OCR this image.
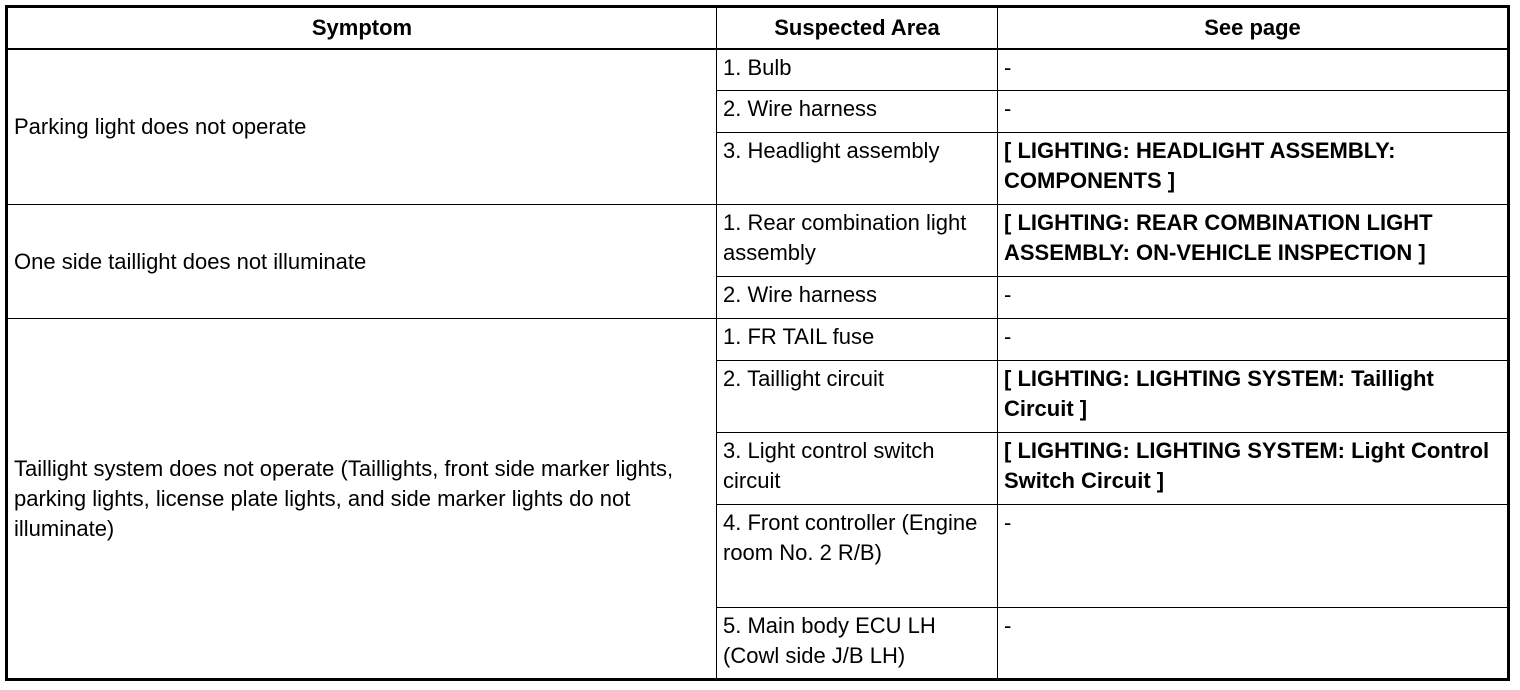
Symptom	Suspected Area	See page
Parking light does not operate	1. Bulb	-
	2. Wire harness	-
	3. Headlight assembly	[ LIGHTING: HEADLIGHT ASSEMBLY: COMPONENTS ]
One side taillight does not illuminate	1. Rear combination light assembly	[ LIGHTING: REAR COMBINATION LIGHT ASSEMBLY: ON-VEHICLE INSPECTION ]
	2. Wire harness	-
Taillight system does not operate (Taillights, front side marker lights, parking lights, license plate lights, and side marker lights do not illuminate)	1. FR TAIL fuse	-
	2. Taillight circuit	[ LIGHTING: LIGHTING SYSTEM: Taillight Circuit ]
	3. Light control switch circuit	[ LIGHTING: LIGHTING SYSTEM: Light Control Switch Circuit ]
	4. Front controller (Engine room No. 2 R/B)	-
	5. Main body ECU LH (Cowl side J/B LH)	-
